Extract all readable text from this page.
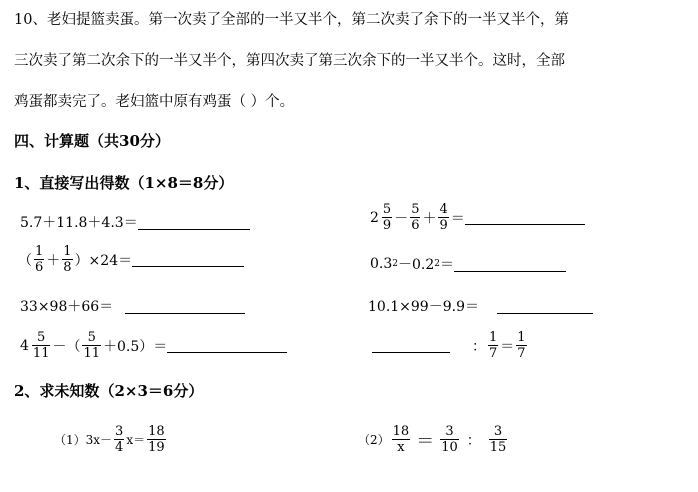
10、老妇提篮卖蛋。第一次卖了全部的一半又半个，第二次卖了余下的一半又半个，第
三次卖了第二次余下的一半又半个，第四次卖了第三次余下的一半又半个。这时，全部
鸡蛋都卖完了。老妇篮中原有鸡蛋（ ）个。
四、计算题（共30分）
1、直接写出得数（1×8＝8分）
5.7＋11.8＋4.3＝	$2 \frac{5}{9} - \frac{5}{6} + \frac{4}{9}$ ＝
（ $\frac{1}{6} + \frac{1}{8} )\times 24=$	0.3 2 －0.2 2 ＝
33×98＋66＝	10.1×99－9.9＝
$4 \frac{5}{11}$ －（ $\frac{5}{11} +0.5)=$	： $\frac{1}{7} = \frac{1}{7}$
2、求未知数（2×3＝6分）
$(1)3x- \frac{3}{4} x= \frac{18}{19}$	$(2) \frac{18}{x} = \frac{3}{10}$ ： $\frac{3}{15}$
